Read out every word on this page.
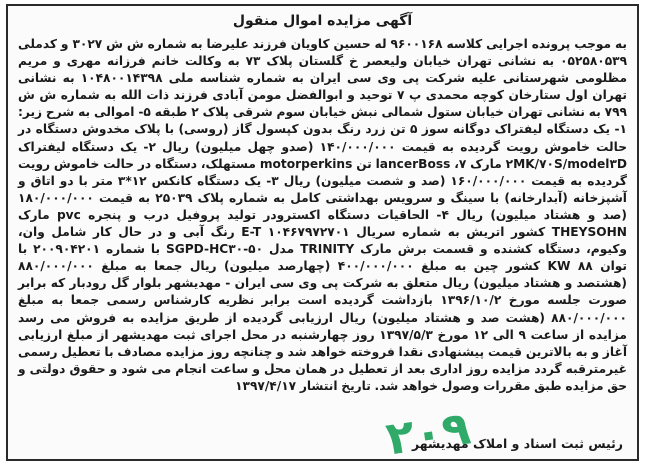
آگهی مزایده اموال منقول

به موجب پرونده اجرایی کلاسه ۹۶۰۰۱۶۸ له حسین کاویان فرزند علیرضا به شماره ش ش ۳۰۲۷ و کدملی ۰۵۲۵۸۰۵۳۹ به نشانی تهران خیابان ولیعصر خ گلستان پلاک ۷۳ به وکالت خانم فرزانه مهری و مریم مظلومی شهرستانی علیه شرکت پی وی سی ایران به شماره شناسه ملی ۱۰۴۸۰۰۱۴۳۹۸ به نشانی تهران اول ستارخان کوچه محمدی پ ۷ توحید و ابوالفضل مومن آبادی فرزند ذات الله به شماره ش ش ۷۹۹ به نشانی تهران خیابان ستول شمالی نبش خیابان سوم شرقی پلاک ۲ طبقه ۵- اموالی به شرح زیر: ۱- یک دستگاه لیفتراک دوگانه سوز ۵ تن زرد رنگ بدون کپسول گاز (روسی) با پلاک مخدوش دستگاه در حالت خاموش رویت گردیده به قیمت ۱۴۰/۰۰۰/۰۰۰ (صدو چهل میلیون) ریال ۲- یک دستگاه لیفتراک ۲MK/۷۰S/model۳D مارک ۷، lancerBoss تن motorperkins مستهلک، دستگاه در حالت خاموش رویت گردیده به قیمت ۱۶۰/۰۰۰/۰۰۰ (صد و شصت میلیون) ریال ۳- یک دستگاه کانکس ۱۲*۳ متر با دو اتاق و آشپزخانه (آبدارخانه) با سینگ و سرویس بهداشتی کامل به شماره پلاک ۲۵۰۳۹ به قیمت ۱۸۰/۰۰۰/۰۰۰ (صد و هشتاد میلیون) ریال ۴- الحاقیات دستگاه اکسترودر تولید پروفیل درب و پنجره pvc مارک THEYSOHN کشور اتریش به شماره سریال E-T ۱۰۴۶۷۹۷۲۷۰۱ رنگ آبی و در حال کار شامل وان، وکیوم، دستگاه کشنده و قسمت برش مارک TRINITY مدل SGPD-HC۳۰-۵۰ با شماره ۲۰۰۹۰۴۲۰۱ با توان ۸۸ KW کشور چین به مبلغ ۴۰۰/۰۰۰/۰۰۰ (چهارصد میلیون) ریال جمعا به مبلغ ۸۸۰/۰۰۰/۰۰۰ (هشتصد و هشتاد میلیون) ریال متعلق به شرکت پی وی سی ایران - مهدیشهر بلوار گل رودبار که برابر صورت جلسه مورخ ۱۳۹۶/۱۰/۲ بازداشت گردیده است برابر نظریه کارشناس رسمی جمعا به مبلغ ۸۸۰/۰۰۰/۰۰۰ (هشت صد و هشتاد میلیون) ریال ارزیابی گردیده از طریق مزایده به فروش می رسد مزایده از ساعت ۹ الی ۱۲ مورخ ۱۳۹۷/۵/۳ روز چهارشنبه در محل اجرای ثبت مهدیشهر از مبلغ ارزیابی آغاز و به بالاترین قیمت پیشنهادی نقدا فروخته خواهد شد و چنانچه روز مزایده مصادف با تعطیل رسمی غیرمترقبه گردد مزایده روز اداری بعد از تعطیل در همان محل و ساعت انجام می شود و حقوق دولتی و حق مزایده طبق مقررات وصول خواهد شد. تاریخ انتشار ۱۳۹۷/۴/۱۷

رئیس ثبت اسناد و املاک مهدیشهر
۲۰۹
